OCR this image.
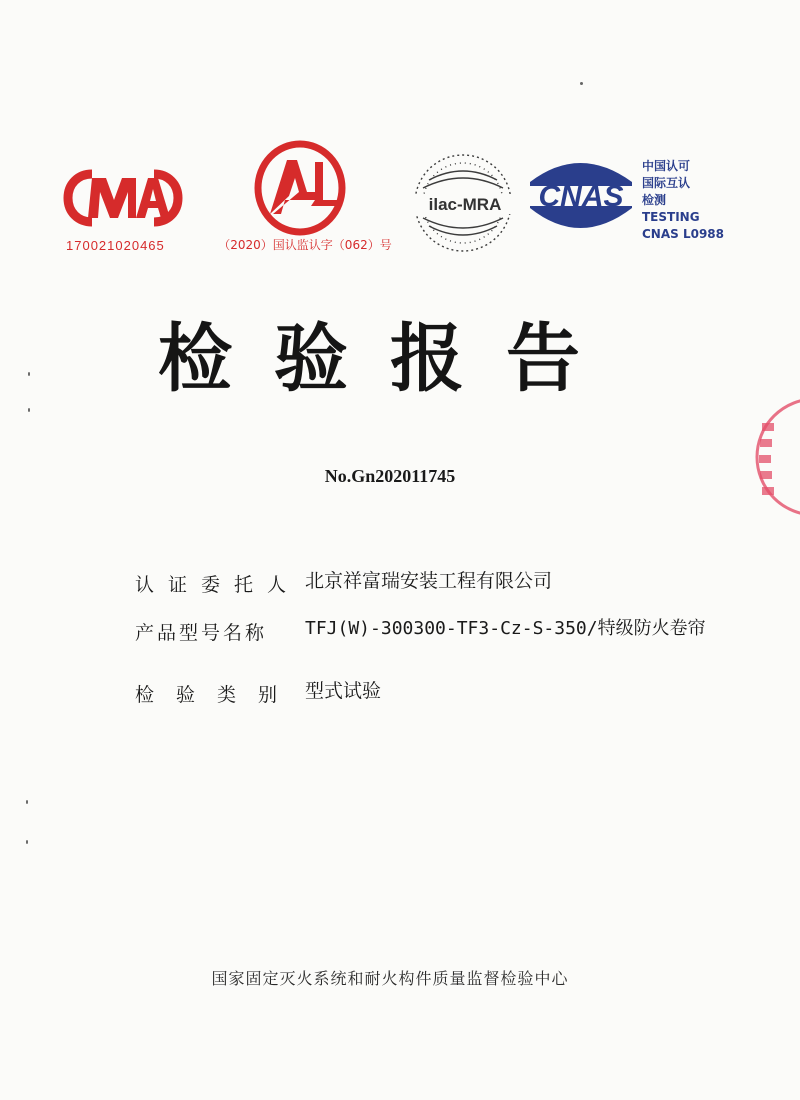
170021020465	（2020）国认监认字（062）号
ilac-MRA CNAS
中国认可
国际互认
检测
TESTING
CNAS L0988
检验报告
No.Gn202011745
认证委托人 北京祥富瑞安装工程有限公司
产品型号名称	TFJ(W)-300300-TF3-Cz-S-350/特级防火卷帘
检验类别 型式试验
国家固定灭火系统和耐火构件质量监督检验中心
